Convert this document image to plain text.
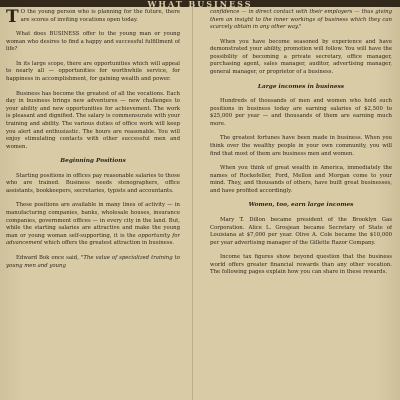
WHAT BUSINESS

T O the young person who is planning for the future, there are scores of inviting vocations open today.

What does BUSINESS offer to the young man or young woman who desires to find a happy and successful fulfillment of life?

In its large scope, there are opportunities which will appeal to nearly all — opportunities for worthwhile service, for happiness in accomplishment, for gaining wealth and power.

Business has become the greatest of all the vocations. Each day in business brings new adventures — new challenges to your ability and new opportunities for achievement. The work is pleasant and dignified. The salary is commensurate with your training and ability. The various duties of office work will keep you alert and enthusiastic. The hours are reasonable. You will enjoy stimulating contacts with other successful men and women.

Beginning Positions

Starting positions in offices pay reasonable salaries to those who are trained. Business needs stenographers, office assistants, bookkeepers, secretaries, typists and accountants.

These positions are available in many lines of activity — in manufacturing companies, banks, wholesale houses, insurance companies, government offices — in every city in the land. But, while the starting salaries are attractive and make the young man or young woman self-supporting, it is the opportunity for advancement which offers the greatest attraction in business.

Edward Bok once said, "The value of specialized training to young men and young

confidence — in direct contact with their employers — thus giving them an insight to the inner workings of business which they can scarcely obtain in any other way."

When you have become seasoned by experience and have demonstrated your ability, promotion will follow. You will have the possibility of becoming a private secretary, office manager, purchasing agent, sales manager, auditor, advertising manager, general manager, or proprietor of a business.

Large incomes in business

Hundreds of thousands of men and women who hold such positions in business today are earning salaries of $2,500 to $25,000 per year — and thousands of them are earning much more.

The greatest fortunes have been made in business. When you think over the wealthy people in your own community, you will find that most of them are business men and women.

When you think of great wealth in America, immediately the names of Rockefeller, Ford, Mellon and Morgan come to your mind. They, and thousands of others, have built great businesses, and have profited accordingly.

Women, too, earn large incomes

Mary T. Dillon became president of the Brooklyn Gas Corporation. Alice L. Grosjean became Secretary of State of Louisiana at $7,000 per year. Olive A. Cole became the $10,000 per year advertising manager of the Gillette Razor Company.

Income tax figures show beyond question that the business world offers greater financial rewards than any other vocation. The following pages explain how you can share in these rewards.
